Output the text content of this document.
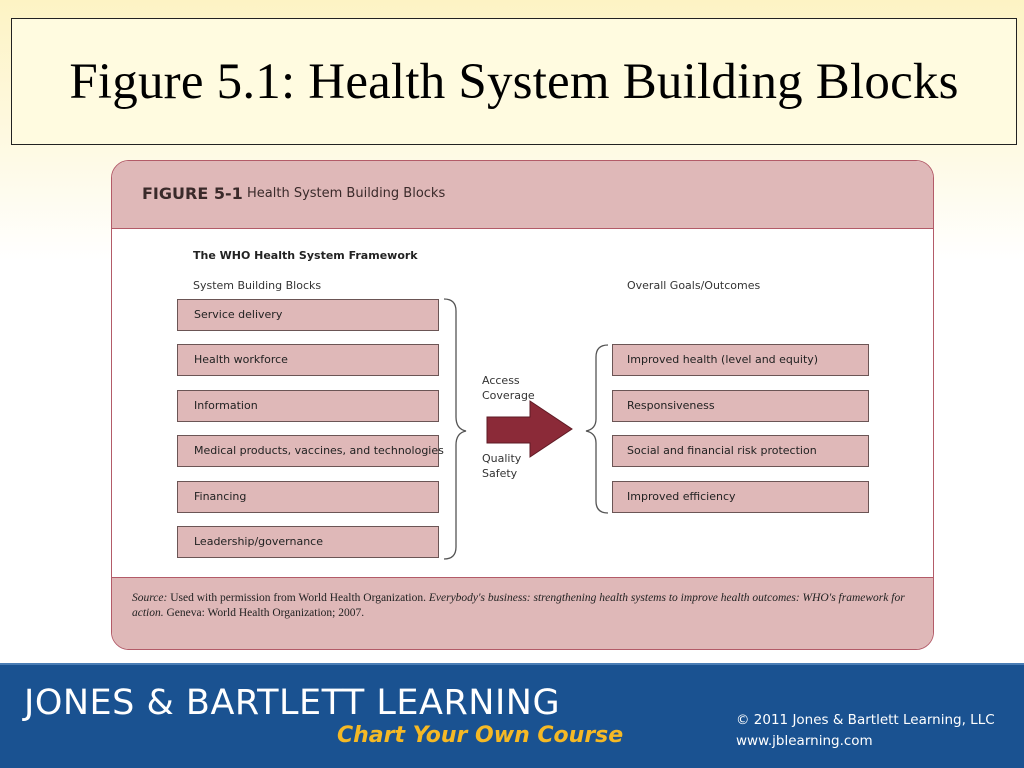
Figure 5.1: Health System Building Blocks
FIGURE 5-1 Health System Building Blocks
The WHO Health System Framework
System Building Blocks	Overall Goals/Outcomes
Service delivery
Health workforce
Information
Medical products, vaccines, and technologies
Financing
Leadership/governance
Improved health (level and equity)
Responsiveness
Social and financial risk protection
Improved efficiency
Access
Coverage
Quality
Safety
Source: Used with permission from World Health Organization. Everybody's business: strengthening health systems to improve health outcomes: WHO's framework for action. Geneva: World Health Organization; 2007.
JONES & BARTLETT LEARNING
Chart Your Own Course
© 2011 Jones & Bartlett Learning, LLC
www.jblearning.com
